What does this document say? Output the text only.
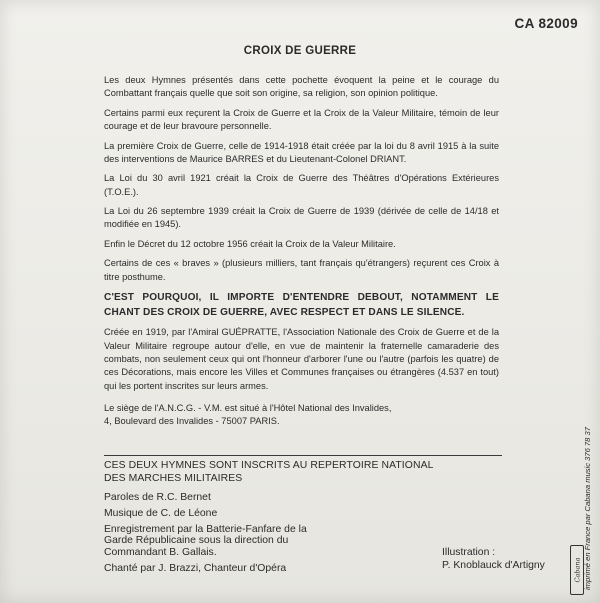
CA 82009
CROIX DE GUERRE

Les deux Hymnes présentés dans cette pochette évoquent la peine et le courage du Combattant français quelle que soit son origine, sa religion, son opinion politique.

Certains parmi eux reçurent la Croix de Guerre et la Croix de la Valeur Militaire, témoin de leur courage et de leur bravoure personnelle.

La première Croix de Guerre, celle de 1914-1918 était créée par la loi du 8 avril 1915 à la suite des interventions de Maurice BARRES et du Lieutenant-Colonel DRIANT.

La Loi du 30 avril 1921 créait la Croix de Guerre des Théâtres d'Opérations Extérieures (T.O.E.).

La Loi du 26 septembre 1939 créait la Croix de Guerre de 1939 (dérivée de celle de 14/18 et modifiée en 1945).

Enfin le Décret du 12 octobre 1956 créait la Croix de la Valeur Militaire.

Certains de ces « braves » (plusieurs milliers, tant français qu'étrangers) reçurent ces Croix à titre posthume.

C'EST POURQUOI, IL IMPORTE D'ENTENDRE DEBOUT, NOTAMMENT LE CHANT DES CROIX DE GUERRE, AVEC RESPECT ET DANS LE SILENCE.

Créée en 1919, par l'Amiral GUÉPRATTE, l'Association Nationale des Croix de Guerre et de la Valeur Militaire regroupe autour d'elle, en vue de maintenir la fraternelle camaraderie des combats, non seulement ceux qui ont l'honneur d'arborer l'une ou l'autre (parfois les quatre) de ces Décorations, mais encore les Villes et Communes françaises ou étrangères (4.537 en tout) qui les portent inscrites sur leurs armes.

Le siège de l'A.N.C.G. - V.M. est situé à l'Hôtel National des Invalides,
4, Boulevard des Invalides - 75007 PARIS.
CES DEUX HYMNES SONT INSCRITS AU REPERTOIRE NATIONAL
DES MARCHES MILITAIRES
Paroles de R.C. Bernet
Musique de C. de Léone
Enregistrement par la Batterie-Fanfare de la Garde Républicaine sous la direction du Commandant B. Gallais.
Chanté par J. Brazzi, Chanteur d'Opéra
Illustration :
P. Knoblauck d'Artigny	imprimé en France par Cabana music 376 78 37
Cabana
